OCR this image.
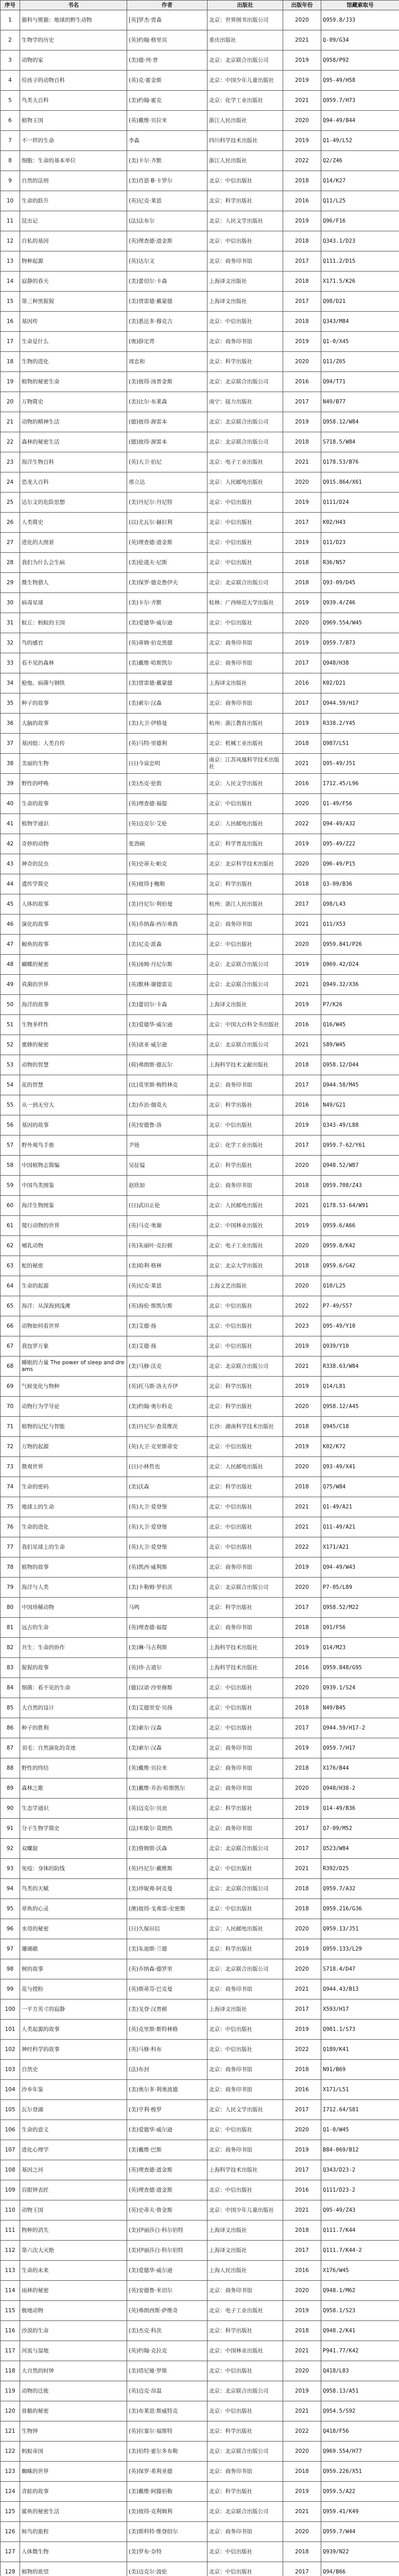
序号	书名	作者	出版社	出版年份	馆藏索取号
1	猫科与熊猫：地球的野生动物	[英]罗杰·贾森	北京：世界图书出版公司	2020	Q959.8/J33
2	生物学的历史	(英)约翰·格里宾	重庆出版社	2021	Q-09/G34
3	动物的家	(美)德·列·普	北京：北京联合出版公司	2019	Q958/P92
4	给孩子的动物百科	(英)克·霍金斯	北京：中国少年儿童出版社	2019	Q95-49/H58
5	鸟类大百科	(美)约翰·霍克	北京：化学工业出版社	2021	Q959.7/H73
6	植物王国	(英)戴维·贝拉米	浙江人民出版社	2020	Q94-49/B44
7	不一样的生命	李淼	四川科学技术出版社	2019	Q1-49/L52
8	细胞：生命的基本单位	(美)卡尔·齐默	浙江人民出版社	2022	Q2/Z46
9	自然的法则	(美)肖恩·B·卡罗尔	北京：中信出版社	2018	Q14/K27
10	生命的跃升	(英)尼克·莱恩	北京：科学出版社	2016	Q11/L25
11	昆虫记	(法)法布尔	北京：人民文学出版社	2019	Q96/F16
12	自私的基因	(英)理查德·道金斯	北京：中信出版社	2018	Q343.1/D23
13	物种起源	(英)达尔文	北京：商务印书馆	2017	Q111.2/D15
14	寂静的春天	(美)蕾切尔·卡森	上海译文出版社	2018	X171.5/K26
15	第三种黑猩猩	(美)贾雷德·戴蒙德	上海译文出版社	2017	Q98/D21
16	基因传	(美)悉达多·穆克吉	北京：中信出版社	2018	Q343/M84
17	生命是什么	(奥)薛定谔	北京：商务印书馆	2019	Q1-0/X45
18	生物的进化	周忠和	北京：科学出版社	2020	Q11/Z65
19	植物的秘密生命	(美)彼得·汤普金斯	北京：北京联合出版公司	2016	Q94/T71
20	万物简史	(美)比尔·布莱森	南宁：接力出版社	2017	N49/B77
21	动物的精神生活	(德)彼得·渥雷本	北京：北京联合出版公司	2019	Q958.12/W84
22	森林的秘密生活	(德)彼得·渥雷本	北京：北京联合出版公司	2018	S718.5/W84
23	海洋生物百科	(英)大卫·伯尼	北京：电子工业出版社	2021	Q178.53/B76
24	恐龙大百科	邢立达	北京：人民邮电出版社	2020	Q915.864/X61
25	达尔文的危险思想	(美)丹尼尔·丹尼特	北京：中信出版社	2019	Q111/D24
26	人类简史	(以)尤瓦尔·赫拉利	北京：中信出版社	2017	K02/H43
27	进化的大图景	(英)理查德·道金斯	北京：中信出版社	2019	Q11/D23
28	我们为什么会生病	(美)伦道夫·尼斯	北京：中信出版社	2018	R36/N57
29	微生物猎人	(美)保罗·德克鲁伊夫	北京：北京联合出版公司	2018	Q93-09/D45
30	病毒星球	(美)卡尔·齐默	桂林：广西师范大学出版社	2019	Q939.4/Z46
31	蚁丘：蚂蚁的王国	(美)爱德华·威尔逊	北京：中信出版社	2020	Q969.554/W45
32	鸟的感官	(英)蒂姆·伯克黑德	北京：商务印书馆	2019	Q959.7/B73
33	看不见的森林	(美)戴维·哈斯凯尔	北京：商务印书馆	2017	Q948/H38
34	枪炮、病菌与钢铁	(美)贾雷德·戴蒙德	上海译文出版社	2016	K02/D21
35	种子的故事	(美)索尔·汉森	北京：商务印书馆	2017	Q944.59/H17
36	大脑的故事	(美)大卫·伊格曼	杭州：浙江教育出版社	2019	R338.2/Y45
37	基因组：人类自传	(英)马特·里德利	北京：机械工业出版社	2018	Q987/L51
38	美丽的生物	(日)今泉忠明	南京：江苏凤凰科学技术出版社	2021	Q95-49/J51
39	野性的呼唤	(美)杰克·伦敦	北京：人民文学出版社	2016	I712.45/L96
40	生命的故事	(英)理查德·福提	北京：中信出版社	2020	Q1-49/F56
41	植物学通识	(英)迈克尔·艾伦	北京：人民邮电出版社	2022	Q94-49/A32
42	奇妙的动物	张劲硕	北京：科学普及出版社	2019	Q95-49/Z22
43	神奇的昆虫	(英)史蒂夫·帕克	北京：北京科学技术出版社	2020	Q96-49/P15
44	遗传学简史	(英)彼得·J·鲍勒	北京：科学出版社	2018	Q3-09/B36
45	人体的故事	(美)丹尼尔·利伯曼	杭州：浙江人民出版社	2017	Q98/L43
46	演化的故事	(英)乔纳森·西尔弗敦	北京：商务印书馆	2021	Q11/X53
47	鲸鱼的故事	(美)尼克·派森	北京：中信出版社	2020	Q959.841/P26
48	蝴蝶的秘密	(英)汤姆·丹尼尔斯	北京：北京联合出版公司	2019	Q969.42/D24
49	真菌的世界	(英)默林·谢德雷克	北京：北京联合出版公司	2021	Q949.32/X36
50	海洋的故事	(美)蕾切尔·卡森	上海译文出版社	2019	P7/K26
51	生物多样性	(美)爱德华·威尔逊	北京：中国大百科全书出版社	2016	Q16/W45
52	蜜蜂的秘密	(英)诺亚·威尔逊	北京：北京联合出版公司	2021	S89/W45
53	动物的智慧	(荷)弗朗斯·德瓦尔	上海科学技术文献出版社	2018	Q958.12/D44
54	花的智慧	(比)莫里斯·梅特林克	北京：商务印书馆	2017	Q944.58/M45
55	从一到无穷大	(美)乔治·伽莫夫	北京：科学出版社	2016	N49/G21
56	基因的故事	(英)安德鲁·洛	北京：中信出版社	2019	Q343-49/L88
57	野外观鸟手册	尹琏	北京：化学工业出版社	2017	Q959.7-62/Y61
58	中国植物志简编	吴征镒	北京：科学出版社	2020	Q948.52/W87
59	中国鸟类图鉴	赵欣如	北京：商务印书馆	2018	Q959.708/Z43
60	海洋生物图鉴	(日)武田正伦	北京：人民邮电出版社	2021	Q178.53-64/W91
61	爬行动物的世界	(英)马克·奥谢	北京：中国林业出版社	2019	Q959.6/A66
62	哺乳动物	(英)朱丽叶·克拉顿	北京：电子工业出版社	2020	Q959.8/K42
63	蛇的秘密	(美)哈利·格林	北京：北京大学出版社	2018	Q959.6/G42
64	生命的起源	(英)尼克·莱恩	上海文艺出版社	2020	Q10/L25
65	海洋：从深海到浅滩	(英)海伦·斯凯尔斯	北京：中信出版社	2022	P7-49/S57
66	动物如何看世界	(美)艾德·扬	北京：中信出版社	2023	Q95-49/Y10
67	我包罗万象	(美)艾德·扬	北京：中信出版社	2019	Q939/Y10
68	睡眠的力量 The power of sleep and dreams	(美)马修·沃克	北京：北京联合出版公司	2021	R338.63/W84
69	气候变化与物种	(英)托马斯·洛夫乔伊	北京：科学出版社	2019	Q14/L81
70	动物行为学导论	(美)约翰·奥尔科克	北京：科学出版社	2020	Q958.12/A45
71	植物的记忆与智能	(美)丹尼尔·查莫维茨	长沙：湖南科学技术出版社	2018	Q945/C18
72	万物的起源	(英)大卫·克里斯蒂安	北京：中信出版社	2019	K02/K72
73	微观世界	(日)小林哲也	北京：人民邮电出版社	2020	Q93-49/X41
74	生命的密码	(美)沃森	北京：科学出版社	2018	Q75/W84
75	地球上的生命	(英)大卫·爱登堡	北京：中信出版社	2021	Q1-49/A21
76	生命的进化	(英)大卫·爱登堡	北京：中信出版社	2021	Q11-49/A21
77	我们星球上的生命	(英)大卫·爱登堡	北京：中信出版社	2022	X171/A21
78	植物的故事	(英)凯西·威利斯	北京：商务印书馆	2019	Q94-49/W43
79	海洋与人类	(美)卡勒姆·罗伯茨	北京：北京联合出版公司	2020	P7-05/L89
80	中国珍稀动物	马鸣	北京：科学出版社	2017	Q958.52/M22
81	远古的生命	(英)理查德·福提	北京：商务印书馆	2018	Q91/F56
82	共生：生命的协作	(美)琳·马古利斯	上海科学技术出版社	2019	Q14/M23
83	猩猩的故事	(英)珍·古道尔	上海科学技术出版社	2016	Q959.848/G95
84	细菌：看不见的生命	(德)汉诺·沙里修斯	北京：中信出版社	2020	Q939.1/S24
85	大自然的设计	(美)艾德里安·贝扬	北京：中信出版社	2018	N49/B45
86	种子的胜利	(美)索尔·汉森	北京：中信出版社	2017	Q944.59/H17-2
87	羽毛：自然演化的奇迹	(美)索尔·汉森	北京：商务印书馆	2019	Q959.7/H17
88	野性的终结	(英)戴维·贝拉米	北京：商务印书馆	2018	X176/B44
89	森林之歌	(美)戴维·乔治·哈斯凯尔	北京：商务印书馆	2020	Q948/H38-2
90	生态学通识	(英)迈克尔·贝贡	北京：科学出版社	2019	Q14-49/B36
91	分子生物学简史	(法)米歇尔·莫朗热	北京：商务印书馆	2017	Q7-09/M52
92	双螺旋	(美)詹姆斯·沃森	北京：北京联合出版公司	2017	Q523/W84
93	免疫：身体的防线	(英)丹尼尔·戴维斯	北京：中信出版社	2021	R392/D25
94	鸟类的天赋	(美)珍妮弗·阿克曼	北京：北京联合出版公司	2018	Q959.7/A32
95	章鱼的心灵	(澳)彼得·戈弗雷-史密斯	北京：中信出版社	2018	Q959.216/G36
96	水母的秘密	(日)久保田信	北京：人民邮电出版社	2020	Q959.13/J51
97	珊瑚礁	(美)朱迪斯·兰德	北京：科学出版社	2019	Q959.133/L29
98	树的故事	(英)乔纳森·德罗里	北京：北京联合出版公司	2020	S718.4/D47
99	花与授粉	(英)斯蒂芬·巴克曼	北京：商务印书馆	2021	Q944.43/B13
100	一平方英寸的寂静	(美)戈登·汉普顿	上海译文出版社	2017	X593/H17
101	人类起源的故事	(英)克里斯·斯特林格	北京：中信出版社	2019	Q981.1/S73
102	神经科学的故事	(英)马修·科布	北京：中信出版社	2022	Q189/K41
103	自然史	(法)布封	北京：商务印书馆	2018	N91/B69
104	沙乡年鉴	(美)奥尔多·利奥波德	北京：商务印书馆	2016	X171/L51
105	瓦尔登湖	(美)亨利·梭罗	北京：人民文学出版社	2017	I712.64/S81
106	生命的意义	(美)爱德华·威尔逊	北京：中信出版社	2020	Q1-0/W45
107	进化心理学	(美)戴维·巴斯	北京：商务印书馆	2019	B84-069/B12
108	基因之河	(英)理查德·道金斯	上海科学技术出版社	2017	Q343/D23-2
109	盲眼钟表匠	(英)理查德·道金斯	北京：中信出版社	2016	Q111/D23-2
110	动物王国	(英)史蒂夫·詹金斯	北京：中国少年儿童出版社	2021	Q95-49/Z43
111	物种的消失	(美)伊丽莎白·科尔伯特	上海译文出版社	2018	Q111.7/K44
112	第六次大灭绝	(美)伊丽莎白·科尔伯特	上海译文出版社	2017	Q111.7/K44-2
113	生命的未来	(美)爱德华·威尔逊	上海人民出版社	2016	X176/W45
114	雨林的秘密	(英)安德鲁·米切尔	北京：商务印书馆	2020	Q948.1/M62
115	极地动物	(英)弗朗西斯·萨维奇	北京：电子工业出版社	2019	Q958.1/S23
116	沙漠的生命	(美)杰克·科茨	北京：科学出版社	2018	Q948.2/K41
117	河流与湿地	(英)约翰·克拉克	北京：中国林业出版社	2021	P941.77/K42
118	大自然的时钟	(美)塔尼娅·罗斯	北京：中信出版社	2020	Q418/L83
119	动物的迁徙	(英)迈克·昂温	北京：北京联合出版公司	2019	Q958.13/A51
120	骨骼的秘密	(美)布莱恩·斯威特克	北京：中信出版社	2021	Q954.5/S92
121	生物钟	(英)拉塞尔·福斯特	北京：科学出版社	2022	Q418/F56
122	蚂蚁帝国	(美)伯特·霍尔多布勒	北京：北京联合出版公司	2020	Q969.554/H77
123	蜘蛛的世界	(英)保罗·希利亚德	北京：商务印书馆	2018	Q959.226/X51
124	青蛙的故事	(美)戴维·阿滕伯勒	北京：科学出版社	2019	Q959.5/A22
125	鲨鱼的秘密生活	(美)彼得·克利姆利	北京：北京联合出版公司	2021	Q959.41/K49
126	候鸟的旅程	(美)斯科特·维登绍尔	北京：商务印书馆	2020	Q959.7/W44
127	人体微生物	(美)罗布·奈特	北京：中信出版社	2018	Q939/N22
128	植物的欲望	(美)迈克尔·波伦	北京：中信出版社	2017	Q94/B66
